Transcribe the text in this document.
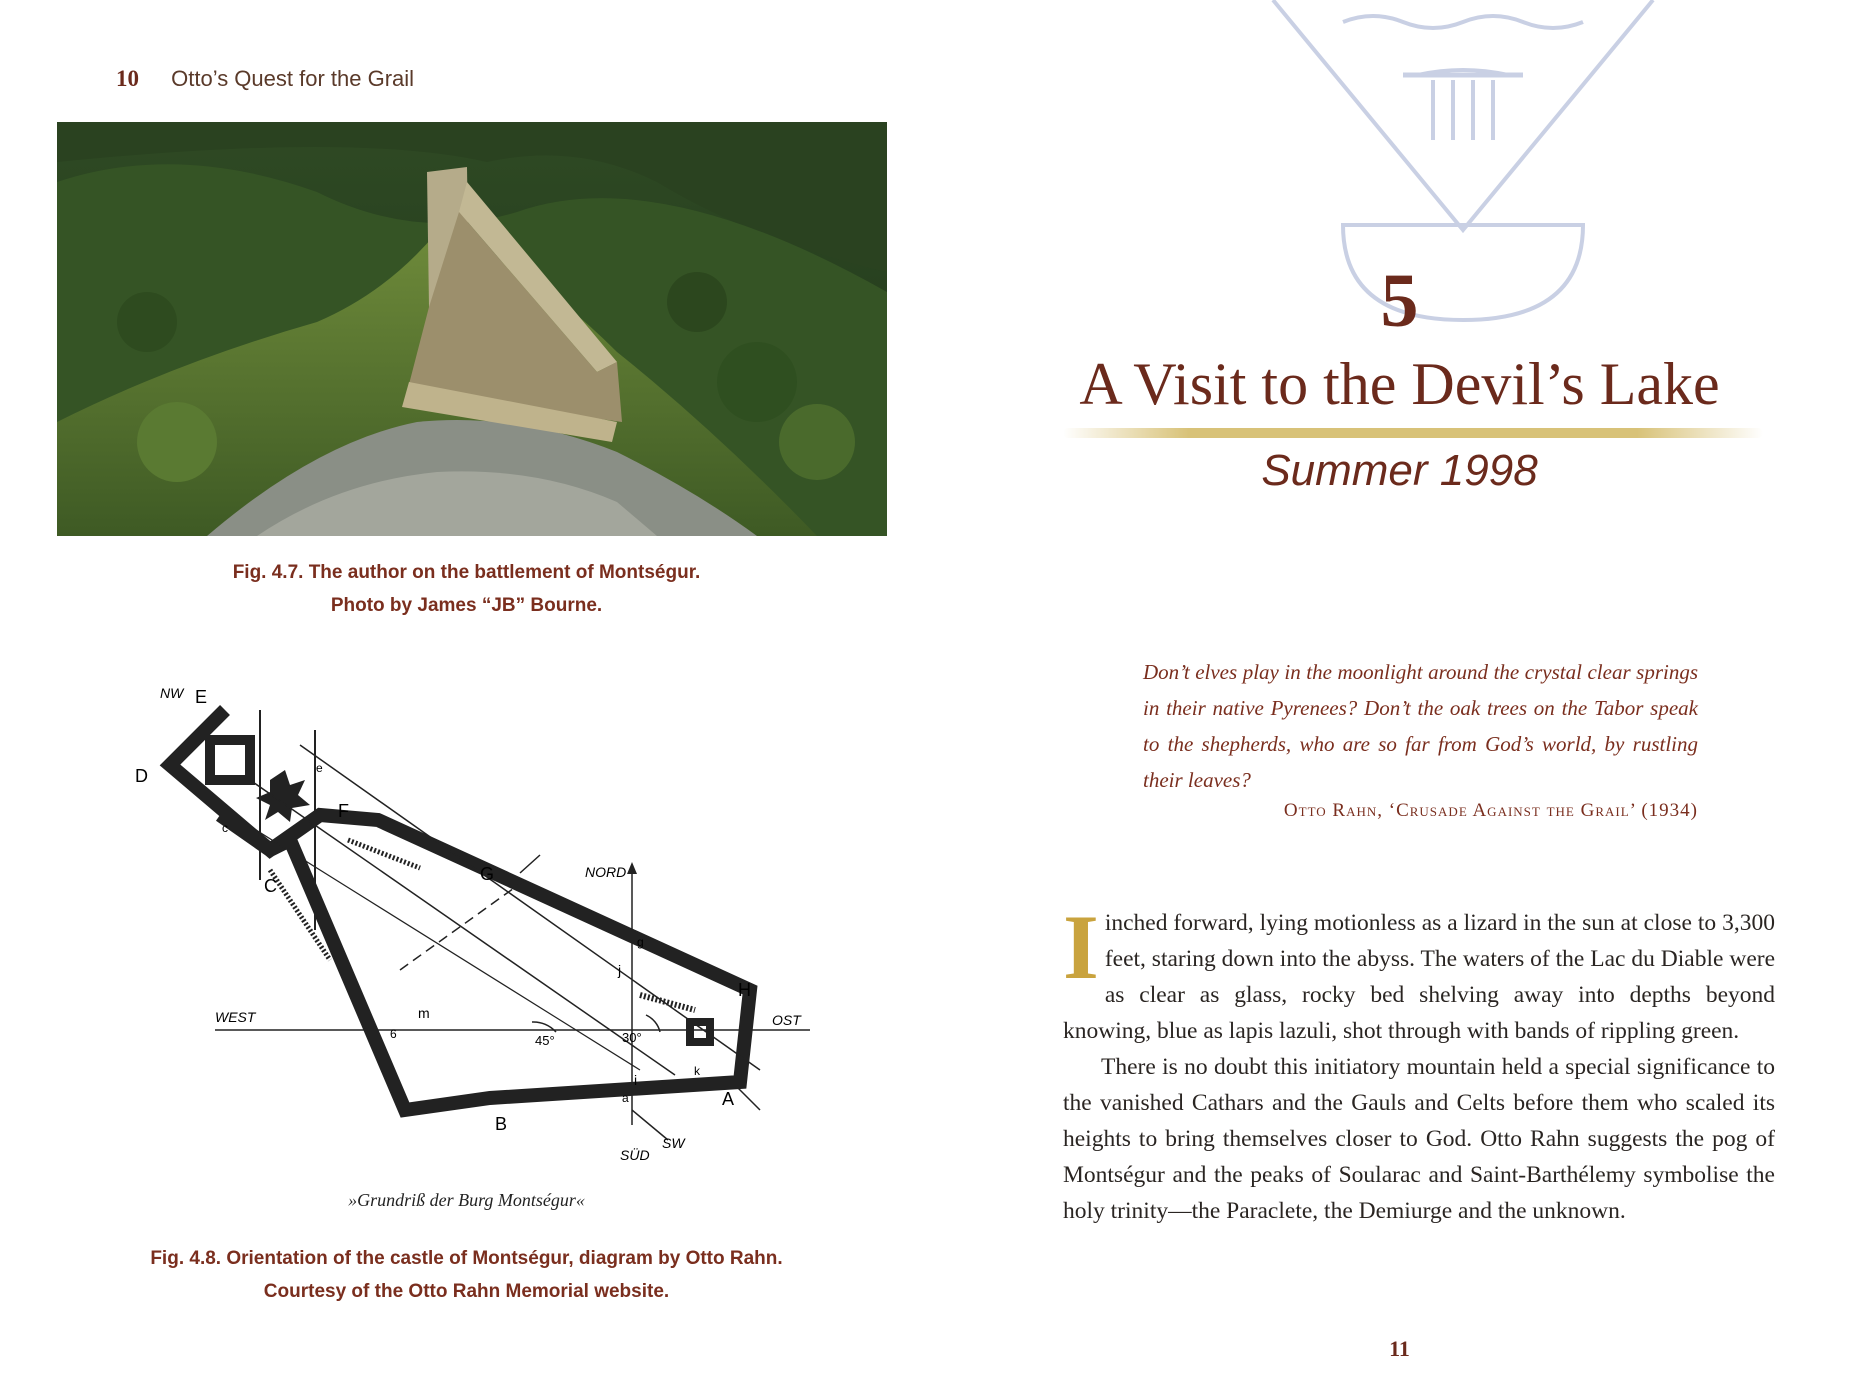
10 Otto’s Quest for the Grail
Fig. 4.7. The author on the battlement of Montségur.
Photo by James “JB” Bourne.
NW E
D	e
F
c
C
G	NORD
g
j
WEST	m
6	45°	30°
H
OST
k
i
a	A
B
SÜD
SW
»Grundriß der Burg Montségur«
Fig. 4.8. Orientation of the castle of Montségur, diagram by Otto Rahn.
Courtesy of the Otto Rahn Memorial website.
5
A Visit to the Devil’s Lake
Summer 1998
Don’t elves play in the moonlight around the crystal clear springs in their native Pyrenees? Don’t the oak trees on the Tabor speak to the shepherds, who are so far from God’s world, by rustling their leaves?
Otto Rahn, ‘Crusade Against the Grail’ (1934)

Iinched forward, lying motionless as a lizard in the sun at close to 3,300 feet, staring down into the abyss. The waters of the Lac du Diable were as clear as glass, rocky bed shelving away into depths beyond knowing, blue as lapis lazuli, shot through with bands of rippling green.

There is no doubt this initiatory mountain held a special significance to the vanished Cathars and the Gauls and Celts before them who scaled its heights to bring themselves closer to God. Otto Rahn suggests the pog of Montségur and the peaks of Soularac and Saint-Barthélemy symbolise the holy trinity—the Paraclete, the Demiurge and the unknown.

11
